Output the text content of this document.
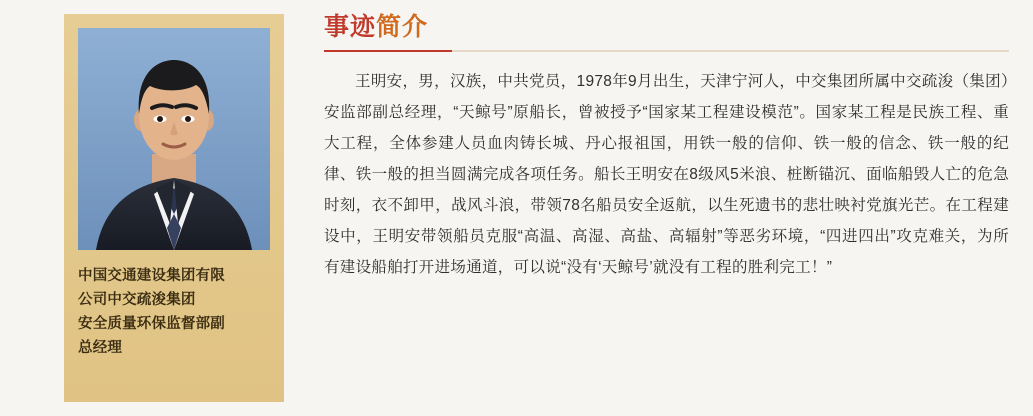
中国交通建设集团有限
公司中交疏浚集团
安全质量环保监督部副
总经理
事迹简介

王明安，男，汉族，中共党员，1978年9月出生，天津宁河人，中交集团所属中交疏浚（集团）安监部副总经理，“天鲸号”原船长，曾被授予“国家某工程建设模范”。国家某工程是民族工程、重大工程，全体参建人员血肉铸长城、丹心报祖国，用铁一般的信仰、铁一般的信念、铁一般的纪律、铁一般的担当圆满完成各项任务。船长王明安在8级风5米浪、桩断锚沉、面临船毁人亡的危急时刻，衣不卸甲，战风斗浪，带领78名船员安全返航，以生死遗书的悲壮映衬党旗光芒。在工程建设中，王明安带领船员克服“高温、高湿、高盐、高辐射”等恶劣环境，“四进四出”攻克难关，为所有建设船舶打开进场通道，可以说“没有‘天鲸号’就没有工程的胜利完工！”
